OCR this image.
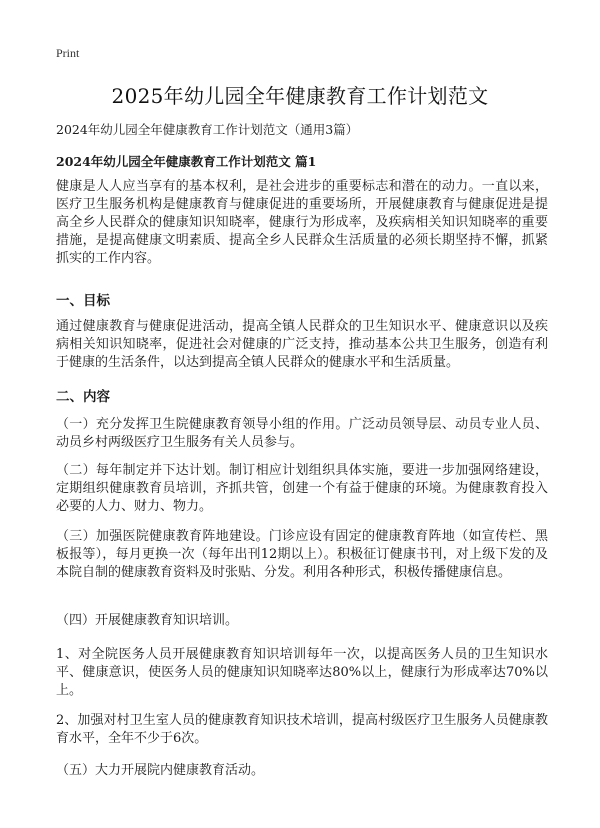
Print
2025年幼儿园全年健康教育工作计划范文

2024年幼儿园全年健康教育工作计划范文（通用3篇）

2024年幼儿园全年健康教育工作计划范文 篇1

健康是人人应当享有的基本权利，是社会进步的重要标志和潜在的动力。一直以来，医疗卫生服务机构是健康教育与健康促进的重要场所，开展健康教育与健康促进是提高全乡人民群众的健康知识知晓率，健康行为形成率，及疾病相关知识知晓率的重要措施，是提高健康文明素质、提高全乡人民群众生活质量的必须长期坚持不懈，抓紧抓实的工作内容。

一、目标

通过健康教育与健康促进活动，提高全镇人民群众的卫生知识水平、健康意识以及疾病相关知识知晓率，促进社会对健康的广泛支持，推动基本公共卫生服务，创造有利于健康的生活条件，以达到提高全镇人民群众的健康水平和生活质量。

二、内容

（一）充分发挥卫生院健康教育领导小组的作用。广泛动员领导层、动员专业人员、动员乡村两级医疗卫生服务有关人员参与。

（二）每年制定并下达计划。制订相应计划组织具体实施，要进一步加强网络建设，定期组织健康教育员培训，齐抓共管，创建一个有益于健康的环境。为健康教育投入必要的人力、财力、物力。

（三）加强医院健康教育阵地建设。门诊应设有固定的健康教育阵地（如宣传栏、黑板报等），每月更换一次（每年出刊12期以上）。积极征订健康书刊，对上级下发的及本院自制的健康教育资料及时张贴、分发。利用各种形式，积极传播健康信息。

（四）开展健康教育知识培训。

1、对全院医务人员开展健康教育知识培训每年一次，以提高医务人员的卫生知识水平、健康意识，使医务人员的健康知识知晓率达80%以上，健康行为形成率达70%以上。

2、加强对村卫生室人员的健康教育知识技术培训，提高村级医疗卫生服务人员健康教育水平，全年不少于6次。

（五）大力开展院内健康教育活动。
